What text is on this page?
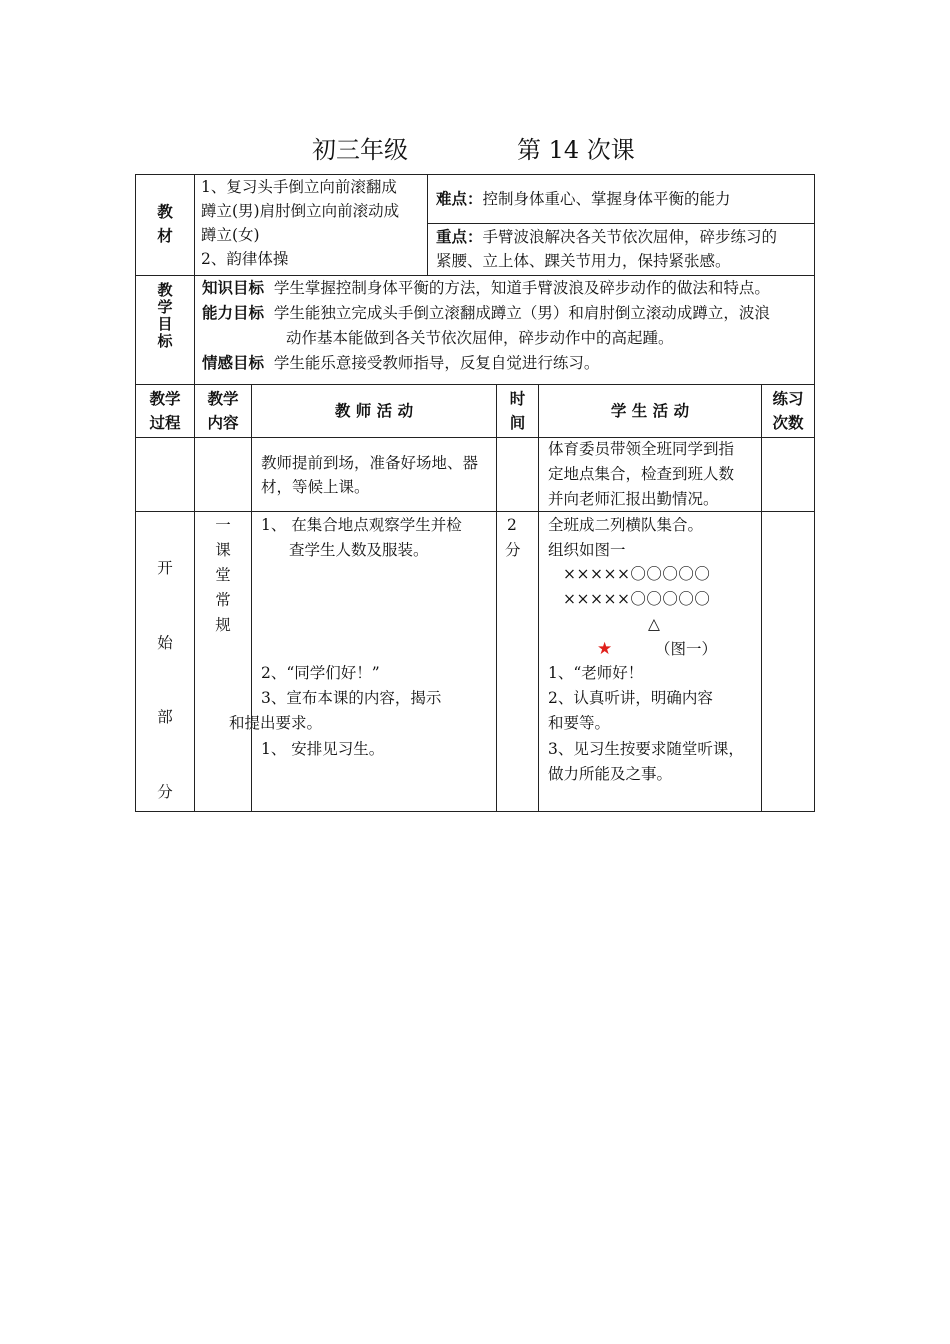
初三年级	第 14 次课
教
材
1、复习头手倒立向前滚翻成
蹲立(男)肩肘倒立向前滚动成
蹲立(女)
2、韵律体操
难点：控制身体重心、掌握身体平衡的能力
重点：手臂波浪解决各关节依次屈伸，碎步练习的
紧腰、立上体、踝关节用力，保持紧张感。
教
学
目
标
知识目标 学生掌握控制身体平衡的方法，知道手臂波浪及碎步动作的做法和特点。
能力目标 学生能独立完成头手倒立滚翻成蹲立（男）和肩肘倒立滚动成蹲立，波浪
动作基本能做到各关节依次屈伸，碎步动作中的高起踵。
情感目标 学生能乐意接受教师指导，反复自觉进行练习。
教学
过程
教学
内容
教 师 活 动
时
间
学 生 活 动
练习
次数
教师提前到场，准备好场地、器
材，等候上课。
体育委员带领全班同学到指
定地点集合，检查到班人数
并向老师汇报出勤情况。
开
始
部
分
一
课
堂
常
规
1、 在集合地点观察学生并检
查学生人数及服装。
2、“同学们好！”
3、宣布本课的内容，揭示
和提出要求。
1、 安排见习生。
2
分
全班成二列横队集合。
组织如图一
×××××〇〇〇〇〇
×××××〇〇〇〇〇
△
★	（图一）
1、“老师好！
2、认真听讲，明确内容
和要等。
3、见习生按要求随堂听课，
做力所能及之事。
